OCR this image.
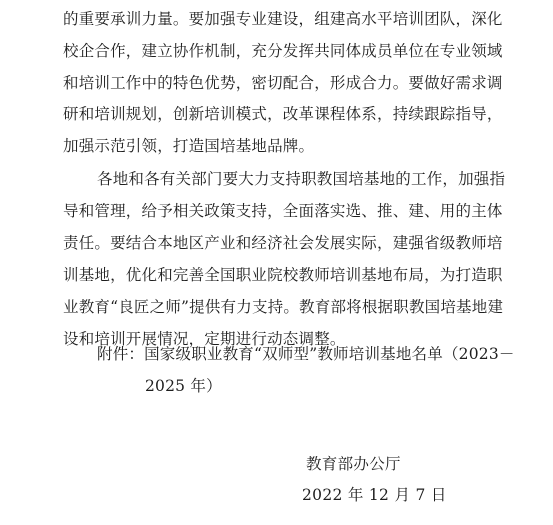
的重要承训力量。要加强专业建设，组建高水平培训团队，深化
校企合作，建立协作机制，充分发挥共同体成员单位在专业领域
和培训工作中的特色优势，密切配合，形成合力。要做好需求调
研和培训规划，创新培训模式，改革课程体系，持续跟踪指导，
加强示范引领，打造国培基地品牌。
各地和各有关部门要大力支持职教国培基地的工作，加强指
导和管理，给予相关政策支持，全面落实选、推、建、用的主体
责任。要结合本地区产业和经济社会发展实际，建强省级教师培
训基地，优化和完善全国职业院校教师培训基地布局，为打造职
业教育“良匠之师”提供有力支持。教育部将根据职教国培基地建
设和培训开展情况，定期进行动态调整。
附件：国家级职业教育“双师型”教师培训基地名单（2023－
2025 年）
教育部办公厅
2022 年 12 月 7 日
